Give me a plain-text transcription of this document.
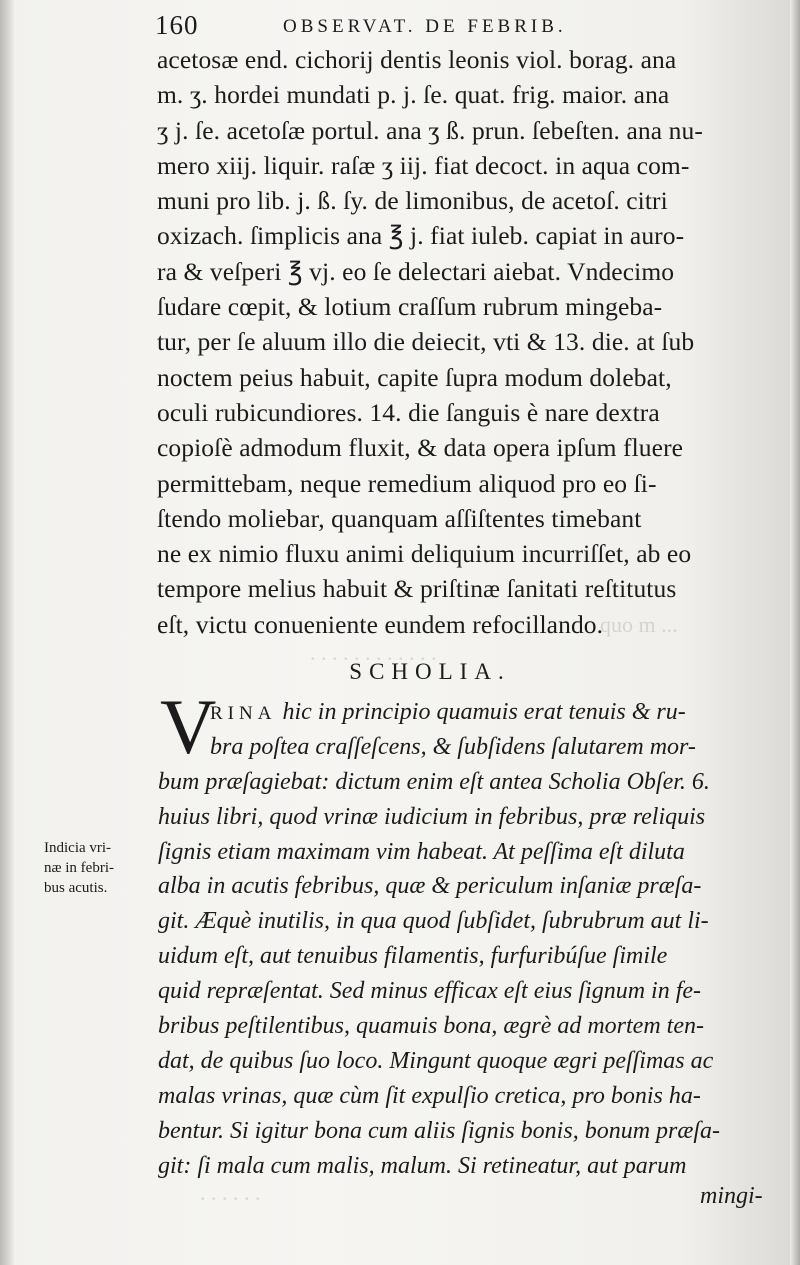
quo m ...
. . . . . . . . . . . .
. . . . . .
160	OBSERVAT. DE FEBRIB.
acetosæ end. cichorij dentis leonis viol. borag. ana
m. ʒ. hordei mundati p. j. ſe. quat. frig. maior. ana
ʒ j. ſe. acetoſæ portul. ana ʒ ß. prun. ſebeſten. ana nu-
mero xiij. liquir. raſæ ʒ iij. fiat decoct. in aqua com-
muni pro lib. j. ß. ſy. de limonibus, de acetoſ. citri
oxizach. ſimplicis ana ℥ j. fiat iuleb. capiat in auro-
ra & veſperi ℥ vj. eo ſe delectari aiebat. Vndecimo
ſudare cœpit, & lotium craſſum rubrum mingeba-
tur, per ſe aluum illo die deiecit, vti & 13. die. at ſub
noctem peius habuit, capite ſupra modum dolebat,
oculi rubicundiores. 14. die ſanguis è nare dextra
copioſè admodum fluxit, & data opera ipſum fluere
permittebam, neque remedium aliquod pro eo ſi-
ſtendo moliebar, quanquam aſſiſtentes timebant
ne ex nimio fluxu animi deliquium incurriſſet, ab eo
tempore melius habuit & priſtinæ ſanitati reſtitutus
eſt, victu conueniente eundem refocillando.
SCHOLIA.
V
RINA hic in principio quamuis erat tenuis & ru-
bra poſtea craſſeſcens, & ſubſidens ſalutarem mor-
bum præſagiebat: dictum enim eſt antea Scholia Obſer. 6.
huius libri, quod vrinæ iudicium in febribus, præ reliquis
ſignis etiam maximam vim habeat. At peſſima eſt diluta
alba in acutis febribus, quæ & periculum inſaniæ præſa-
git. Æquè inutilis, in qua quod ſubſidet, ſubrubrum aut li-
uidum eſt, aut tenuibus filamentis, furfuribúſue ſimile
quid repræſentat. Sed minus efficax eſt eius ſignum in fe-
bribus peſtilentibus, quamuis bona, ægrè ad mortem ten-
dat, de quibus ſuo loco. Mingunt quoque ægri peſſimas ac
malas vrinas, quæ cùm ſit expulſio cretica, pro bonis ha-
bentur. Si igitur bona cum aliis ſignis bonis, bonum præſa-
git: ſi mala cum malis, malum. Si retineatur, aut parum
Indicia vri-
næ in febri-
bus acutis.
mingi-
